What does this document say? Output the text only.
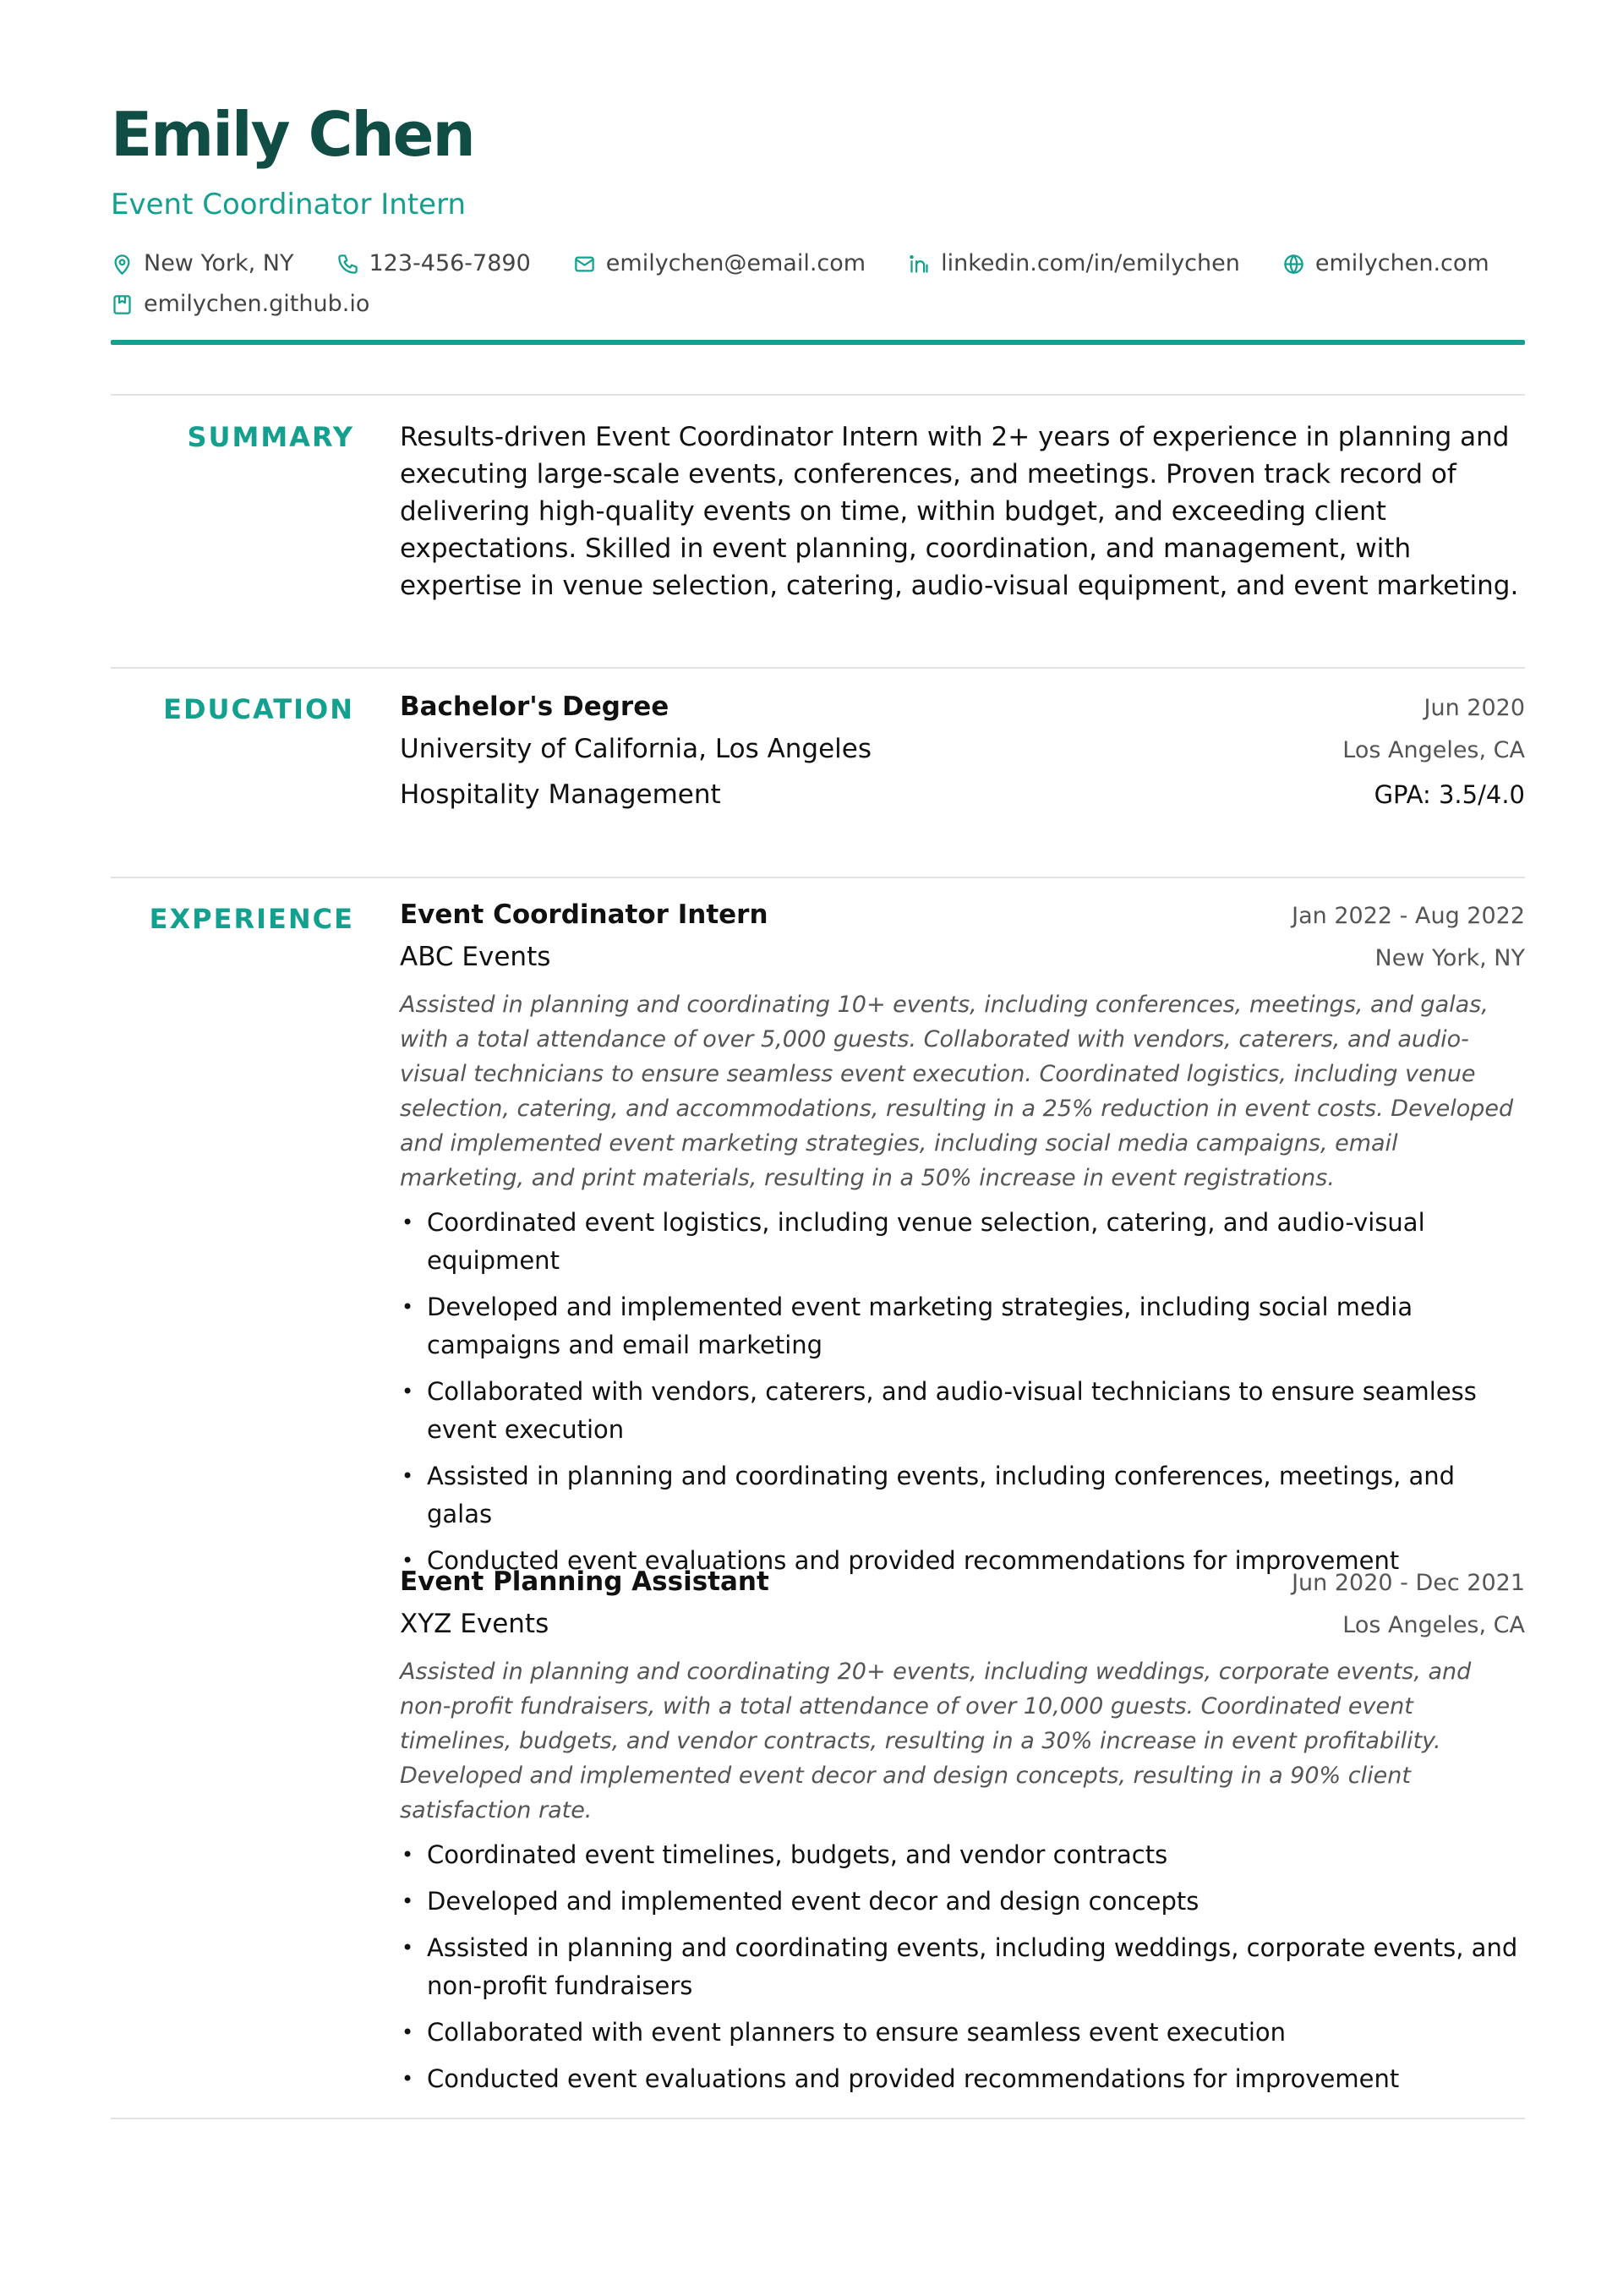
Emily Chen
Event Coordinator Intern
New York, NY	123-456-7890	emilychen@email.com	linkedin.com/in/emilychen	emilychen.com
emilychen.github.io
SUMMARY Results-driven Event Coordinator Intern with 2+ years of experience in planning and executing large-scale events, conferences, and meetings. Proven track record of delivering high-quality events on time, within budget, and exceeding client expectations. Skilled in event planning, coordination, and management, with expertise in venue selection, catering, audio-visual equipment, and event marketing.

EDUCATION Bachelor's Degree	Jun 2020
University of California, Los Angeles	Los Angeles, CA
Hospitality Management	GPA: 3.5/4.0
EXPERIENCE Event Coordinator Intern	Jan 2022 - Aug 2022
ABC Events	New York, NY

Assisted in planning and coordinating 10+ events, including conferences, meetings, and galas, with a total attendance of over 5,000 guests. Collaborated with vendors, caterers, and audio-visual technicians to ensure seamless event execution. Coordinated logistics, including venue selection, catering, and accommodations, resulting in a 25% reduction in event costs. Developed and implemented event marketing strategies, including social media campaigns, email marketing, and print materials, resulting in a 50% increase in event registrations.

• Coordinated event logistics, including venue selection, catering, and audio-visual equipment
• Developed and implemented event marketing strategies, including social media campaigns and email marketing
• Collaborated with vendors, caterers, and audio-visual technicians to ensure seamless event execution
• Assisted in planning and coordinating events, including conferences, meetings, and galas
• Conducted event evaluations and provided recommendations for improvement
Event Planning Assistant	Jun 2020 - Dec 2021
XYZ Events	Los Angeles, CA

Assisted in planning and coordinating 20+ events, including weddings, corporate events, and non-profit fundraisers, with a total attendance of over 10,000 guests. Coordinated event timelines, budgets, and vendor contracts, resulting in a 30% increase in event profitability. Developed and implemented event decor and design concepts, resulting in a 90% client satisfaction rate.

• Coordinated event timelines, budgets, and vendor contracts
• Developed and implemented event decor and design concepts
• Assisted in planning and coordinating events, including weddings, corporate events, and non-profit fundraisers
• Collaborated with event planners to ensure seamless event execution
• Conducted event evaluations and provided recommendations for improvement
